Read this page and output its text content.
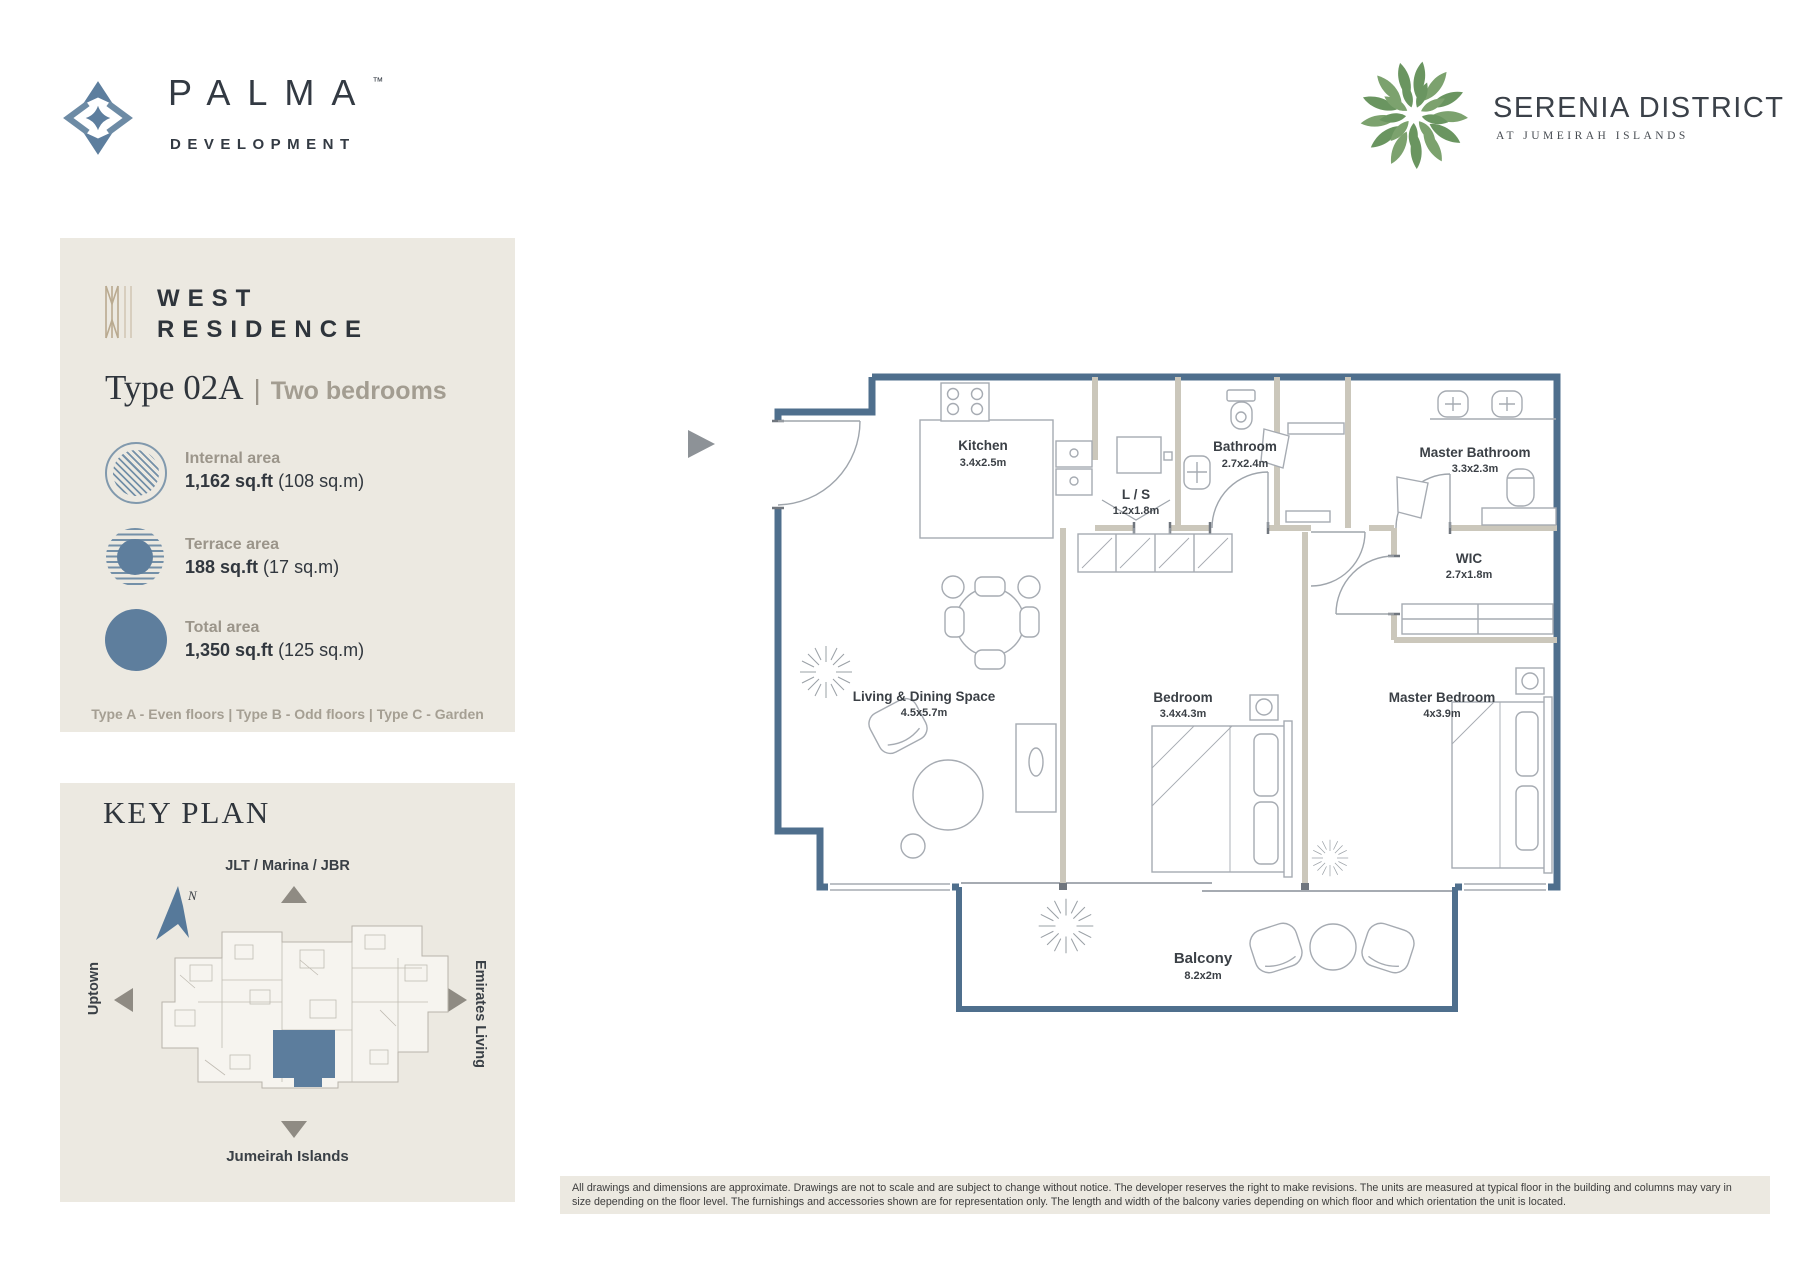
PALMA™
DEVELOPMENT
SERENIA DISTRICT
AT JUMEIRAH ISLANDS
WEST
RESIDENCE
Type 02A | Two bedrooms
Internal area
1,162 sq.ft (108 sq.m)
Terrace area
188 sq.ft (17 sq.m)
Total area
1,350 sq.ft (125 sq.m)
Type A - Even floors | Type B - Odd floors | Type C - Garden
KEY PLAN
JLT / Marina / JBR
Uptown	Emirates Living
Jumeirah Islands
N
Kitchen
3.4x2.5m
L / S
1.2x1.8m
Bathroom
2.7x2.4m
Master Bathroom
3.3x2.3m
WIC
2.7x1.8m
Living & Dining Space
4.5x5.7m
Bedroom
3.4x4.3m
Master Bedroom
4x3.9m
Balcony
8.2x2m
All drawings and dimensions are approximate. Drawings are not to scale and are subject to change without notice. The developer reserves the right to make revisions. The units are measured at typical floor in the building and columns may vary in
size depending on the floor level. The furnishings and accessories shown are for representation only. The length and width of the balcony varies depending on which floor and which orientation the unit is located.
